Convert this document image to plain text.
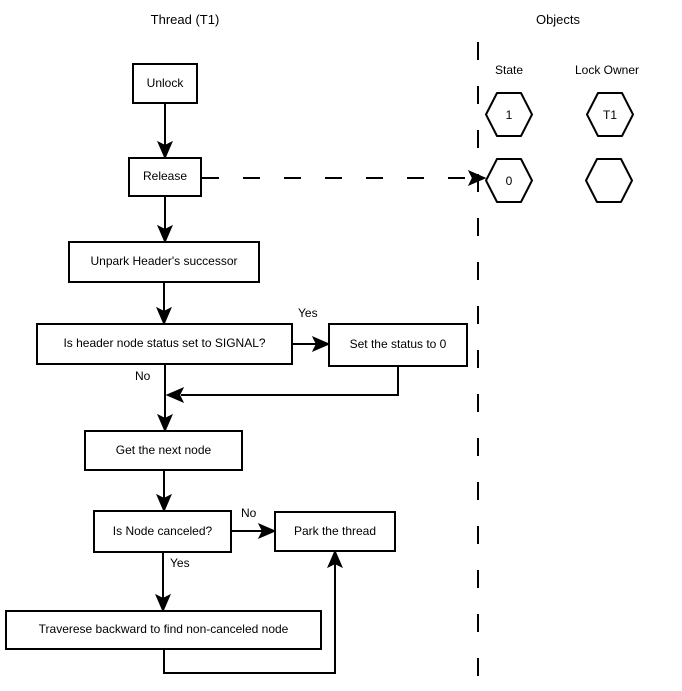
1	T1
0
Thread (T1)	Objects
State	Lock Owner
Unlock
Release
Unpark Header's successor
Is header node status set to SIGNAL?	Set the status to 0
Get the next node
Is Node canceled?	Park the thread
Traverese backward to find non-canceled node
Yes
No
No
Yes
